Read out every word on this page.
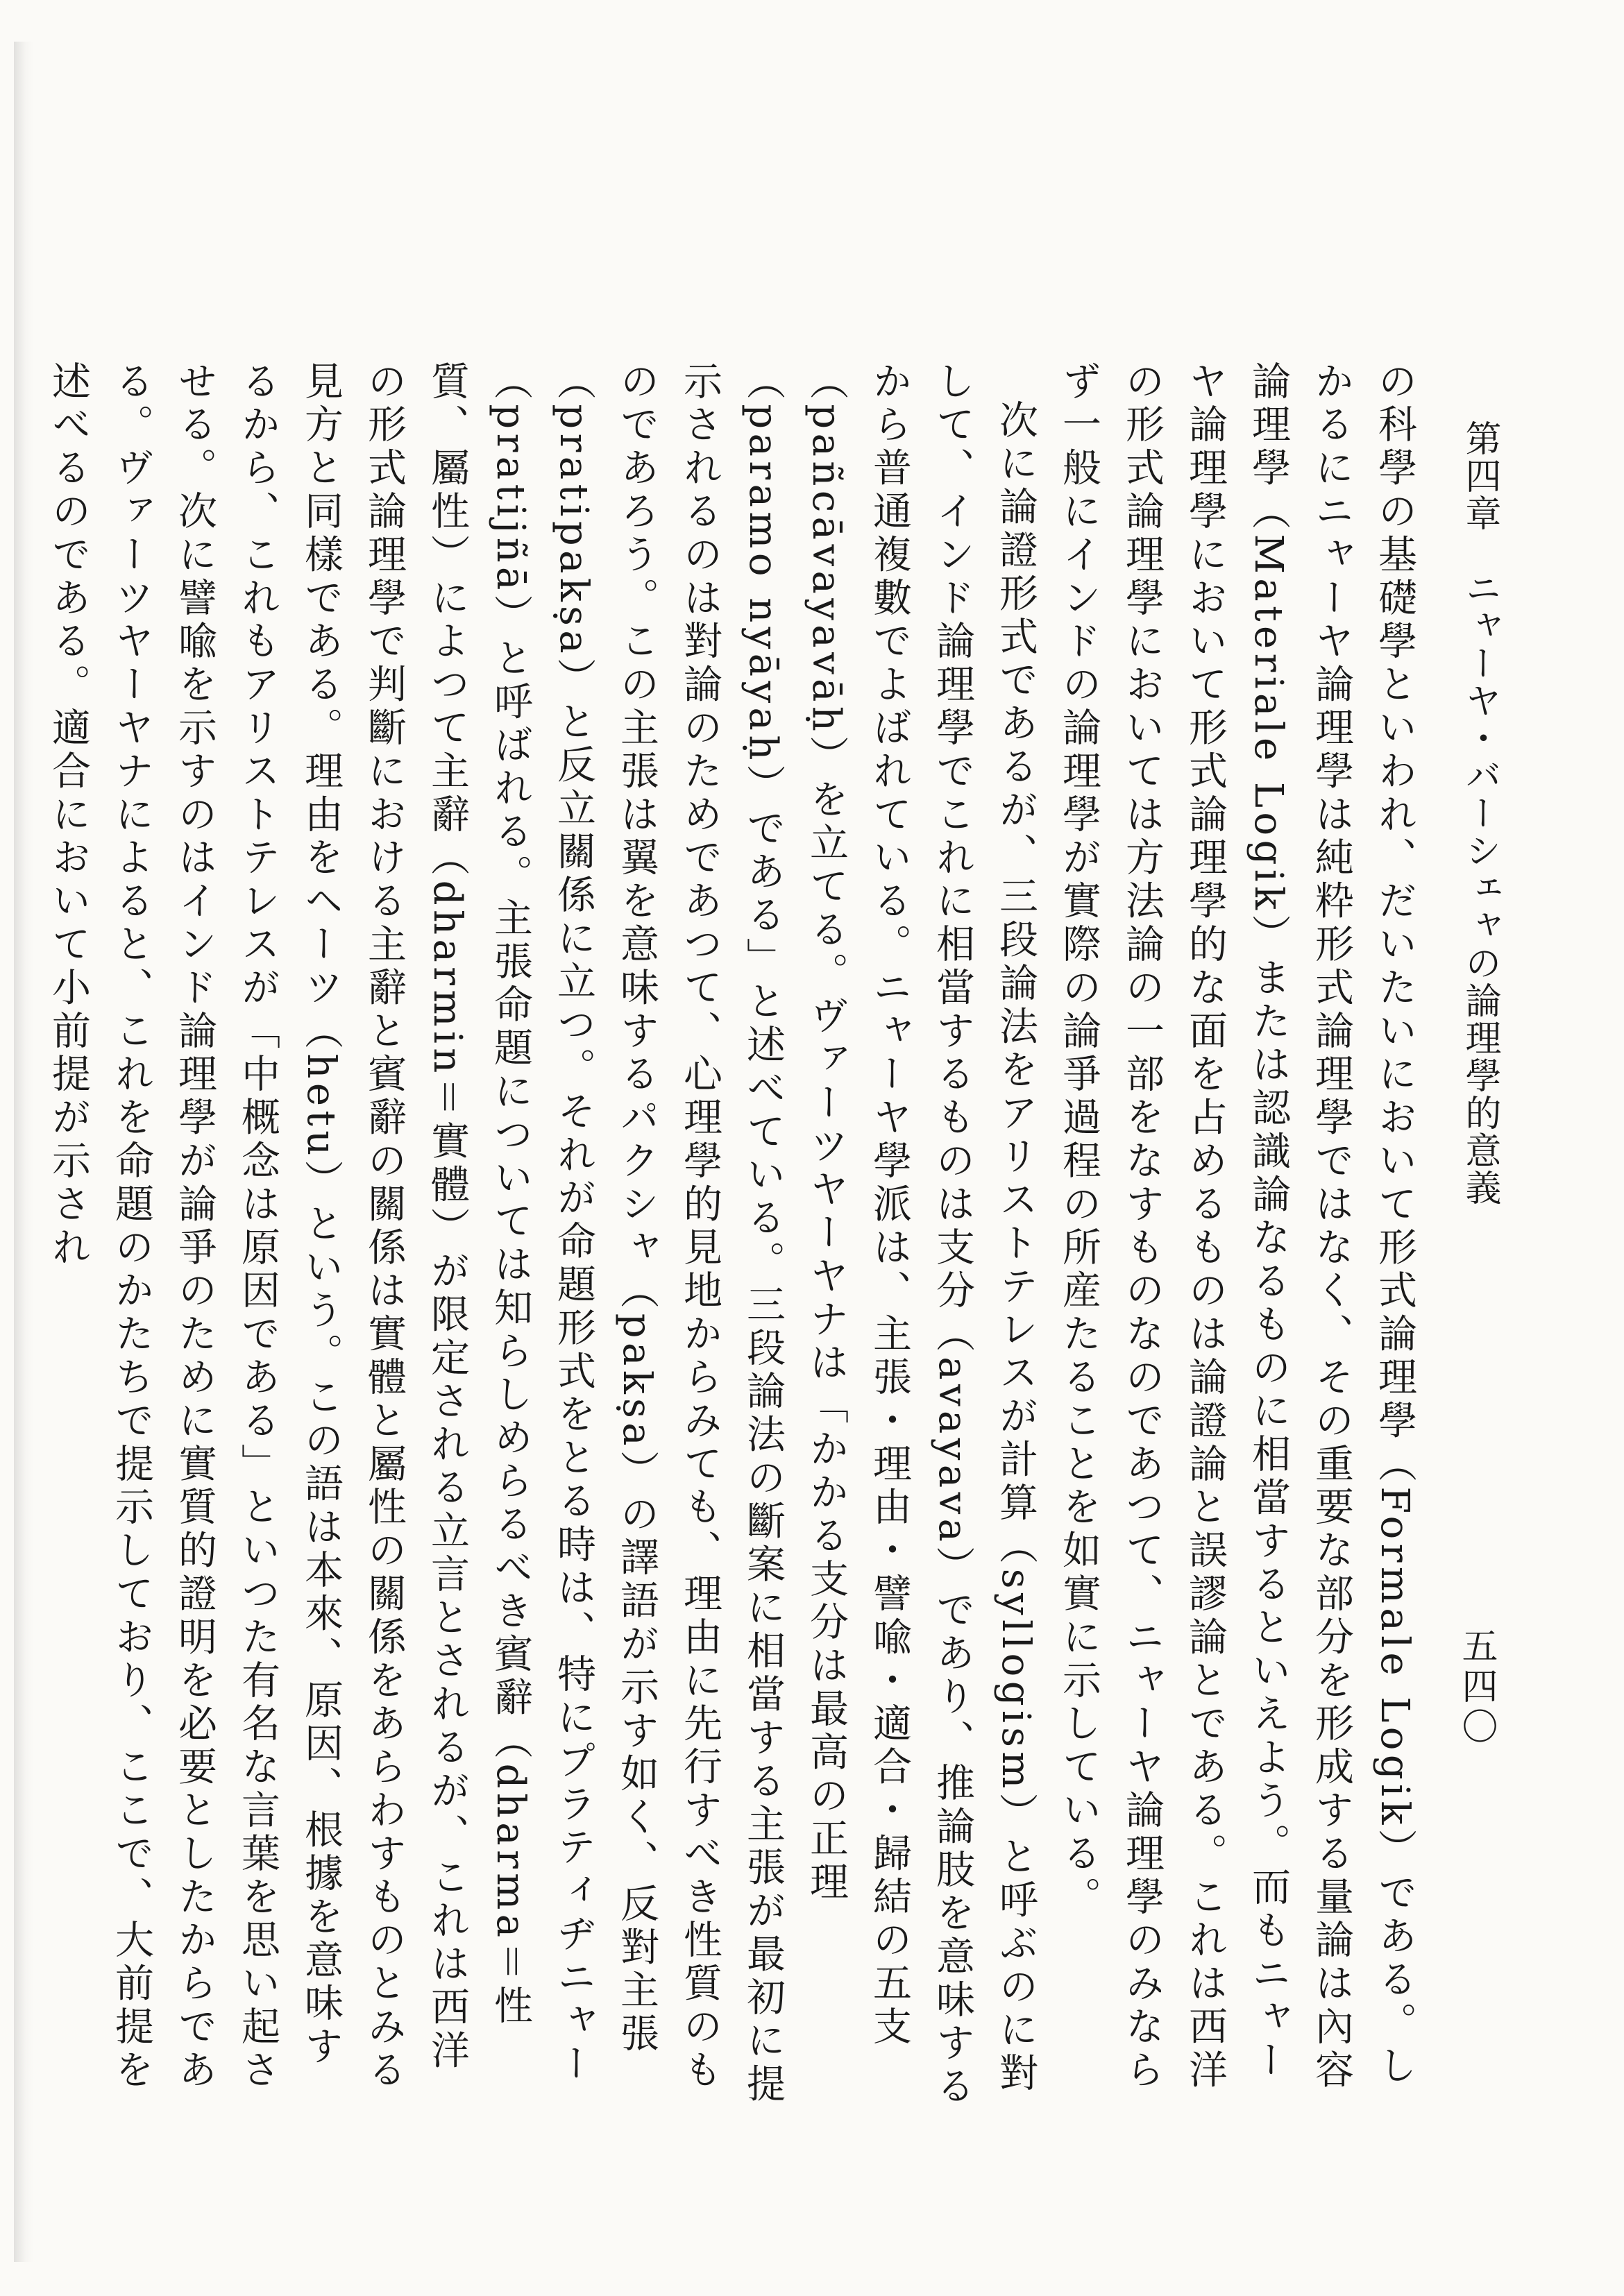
第四章　ニャーヤ・バーシェャの論理學的意義
五四〇

の科學の基礎學といわれ、だいたいにおいて形式論理學（Formale Logik）である。しかるにニャーヤ論理學は純粋形式論理學ではなく、その重要な部分を形成する量論は內容論理學（Materiale Logik）または認識論なるものに相當するといえよう。而もニャーヤ論理學において形式論理學的な面を占めるものは論證論と誤謬論とである。これは西洋の形式論理學においては方法論の一部をなすものなのであつて、ニャーヤ論理學のみならず一般にインドの論理學が實際の論爭過程の所産たることを如實に示している。

次に論證形式であるが、三段論法をアリストテレスが計算（syllogism）と呼ぶのに對して、インド論理學でこれに相當するものは支分（avayava）であり、推論肢を意味するから普通複數でよばれている。ニャーヤ學派は、主張・理由・譬喩・適合・歸結の五支（pañcāvayavāḥ）を立てる。ヴァーツヤーヤナは「かかる支分は最高の正理（paramo nyāyaḥ）である」と述べている。三段論法の斷案に相當する主張が最初に提示されるのは對論のためであつて、心理學的見地からみても、理由に先行すべき性質のものであろう。この主張は翼を意味するパクシャ（pakṣa）の譯語が示す如く、反對主張（pratipakṣa）と反立關係に立つ。それが命題形式をとる時は、特にプラティヂニャー（pratijñā）と呼ばれる。主張命題については知らしめらるべき賓辭（dharma＝性質、屬性）によつて主辭（dharmin＝實體）が限定される立言とされるが、これは西洋の形式論理學で判斷における主辭と賓辭の關係は實體と屬性の關係をあらわすものとみる見方と同樣である。理由をヘーツ（hetu）という。この語は本來、原因、根據を意味するから、これもアリストテレスが「中概念は原因である」といつた有名な言葉を思い起させる。次に譬喩を示すのはインド論理學が論爭のために實質的證明を必要としたからである。ヴァーツヤーヤナによると、これを命題のかたちで提示しており、ここで、大前提を述べるのである。適合において小前提が示され
